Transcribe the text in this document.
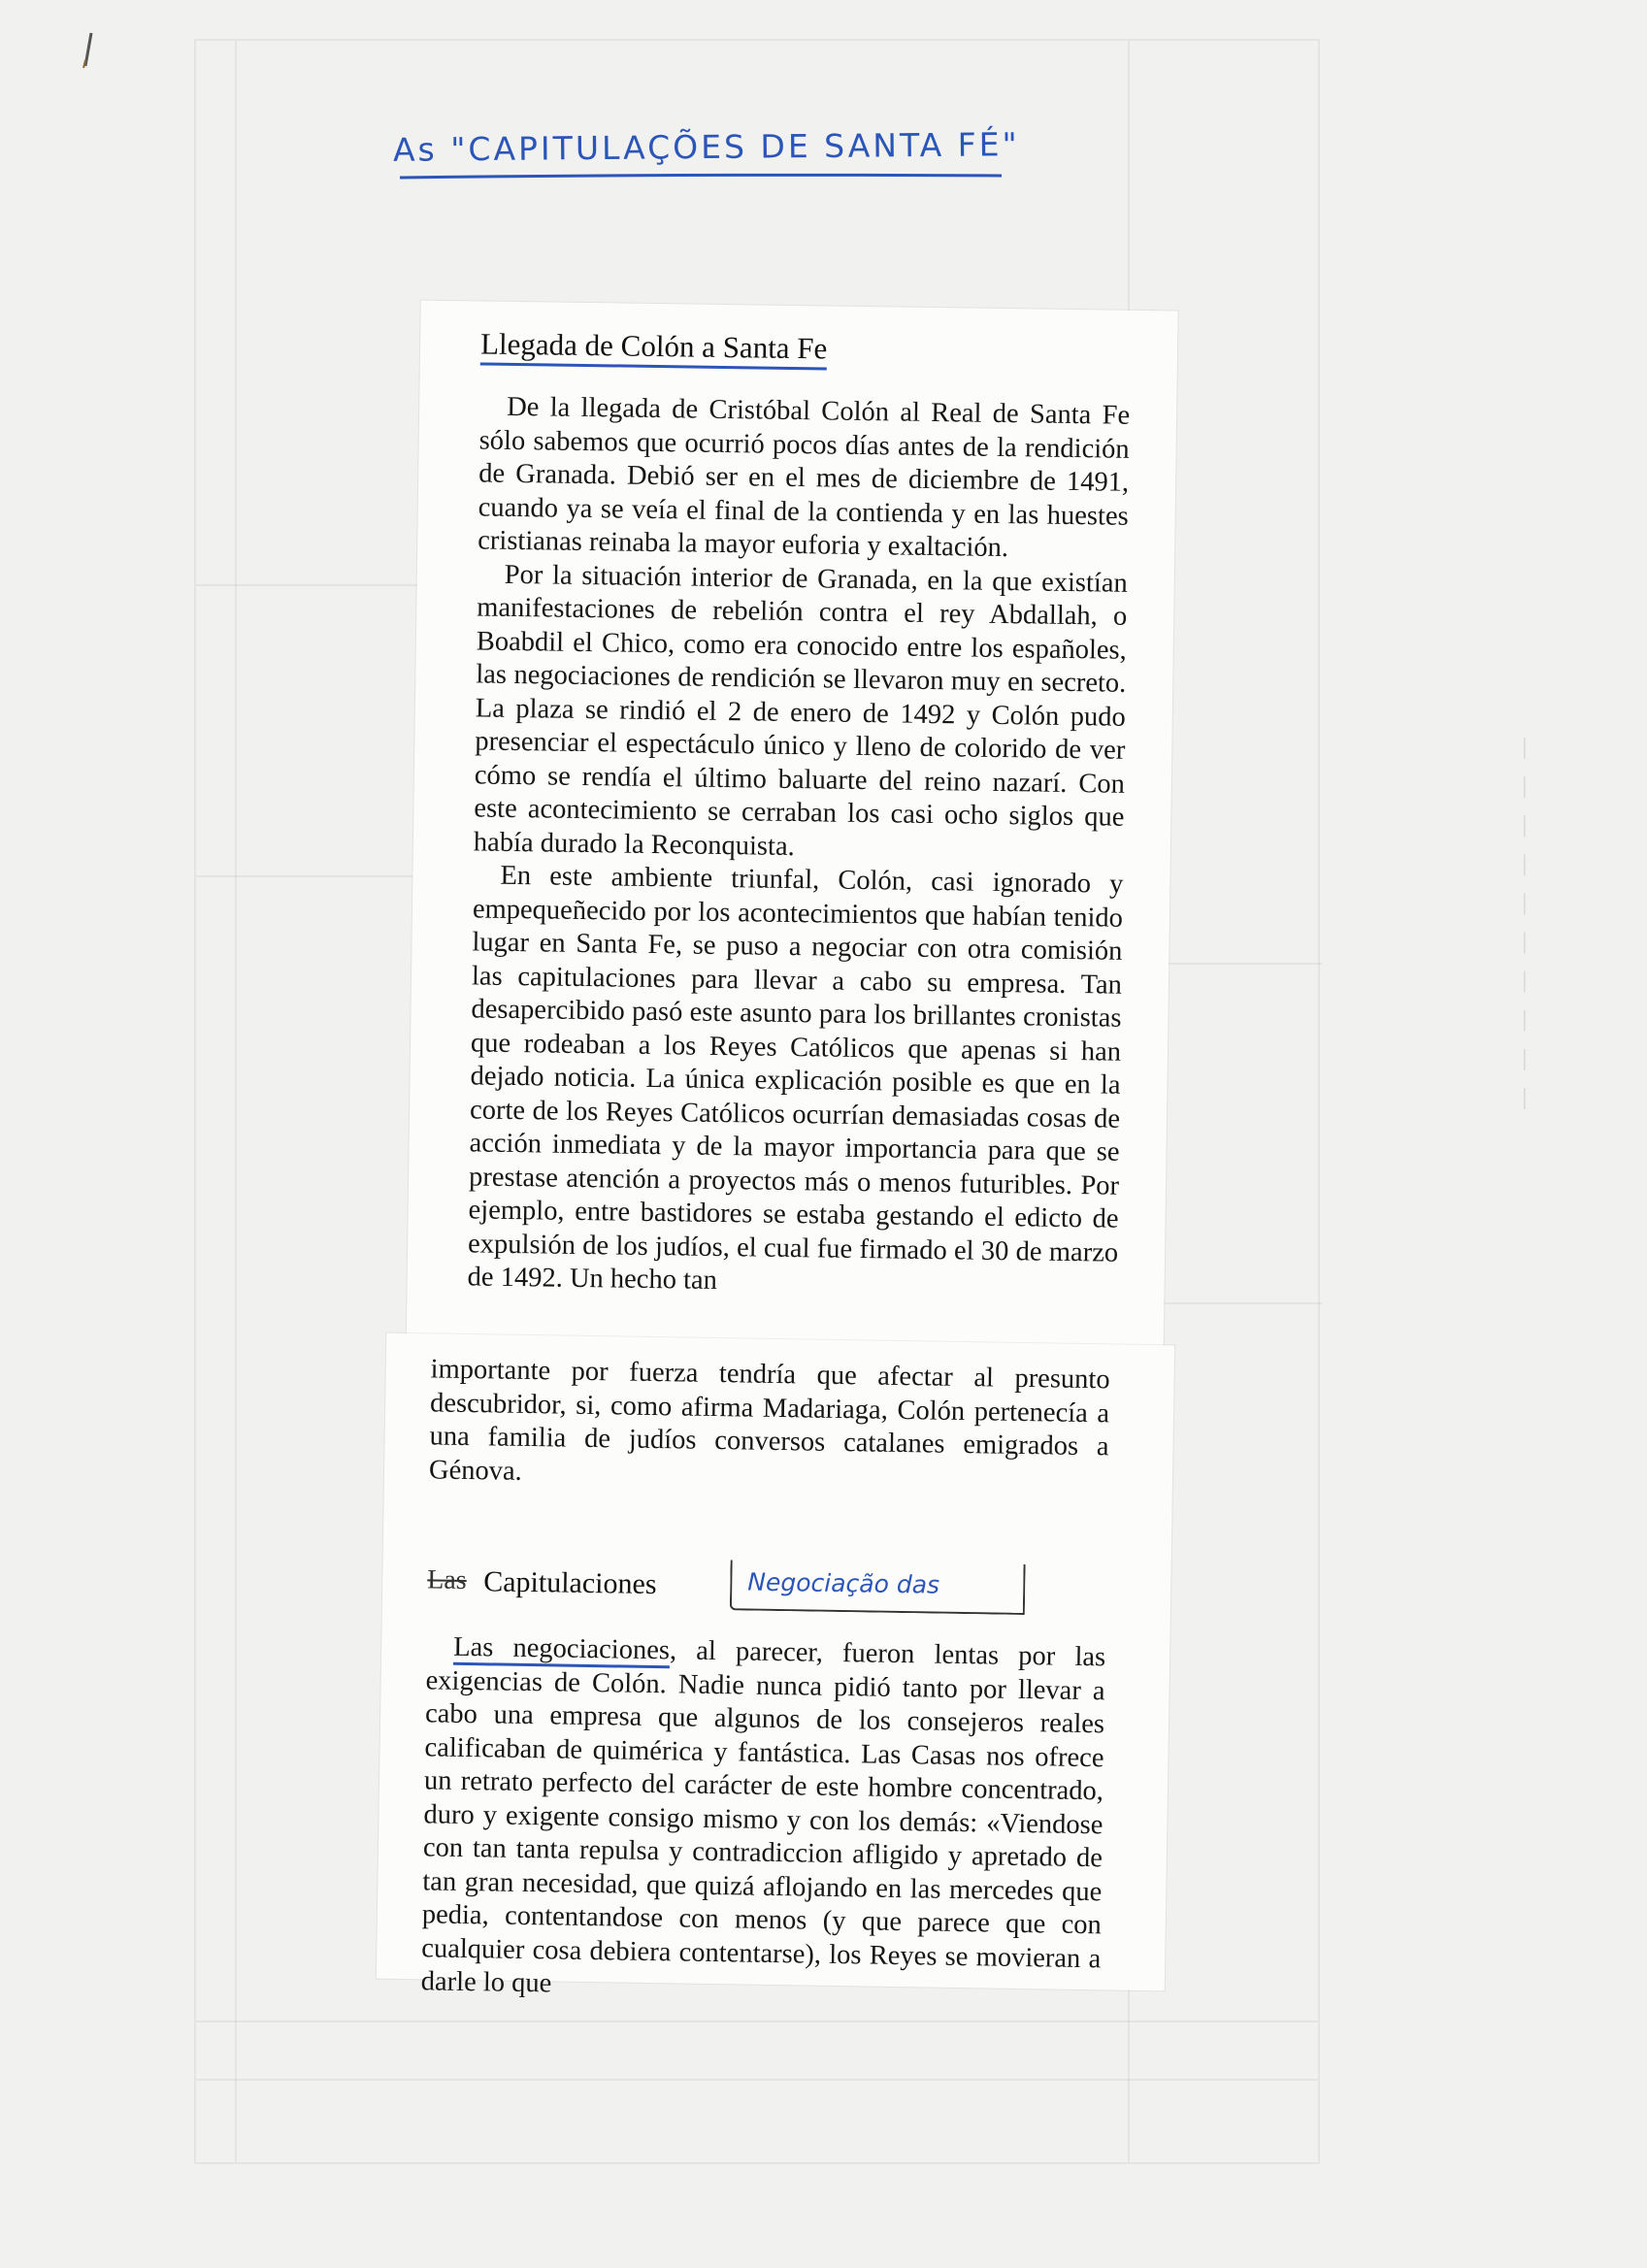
— — — — — — — — — —
As "CAPITULAÇÕES DE SANTA FÉ"
Llegada de Colón a Santa Fe

De la llegada de Cristóbal Colón al Real de Santa Fe sólo sabemos que ocurrió pocos días antes de la rendición de Granada. Debió ser en el mes de diciembre de 1491, cuando ya se veía el final de la contienda y en las huestes cristianas reinaba la mayor euforia y exaltación.

Por la situación interior de Granada, en la que existían manifestaciones de rebelión contra el rey Abdallah, o Boabdil el Chico, como era conocido entre los españoles, las negociaciones de rendición se llevaron muy en secreto. La plaza se rindió el 2 de enero de 1492 y Colón pudo presenciar el espectáculo único y lleno de colorido de ver cómo se rendía el último baluarte del reino nazarí. Con este acontecimiento se cerraban los casi ocho siglos que había durado la Reconquista.

En este ambiente triunfal, Colón, casi ignorado y empequeñecido por los acontecimientos que habían tenido lugar en Santa Fe, se puso a negociar con otra comisión las capitulaciones para llevar a cabo su empresa. Tan desapercibido pasó este asunto para los brillantes cronistas que rodeaban a los Reyes Católicos que apenas si han dejado noticia. La única explicación posible es que en la corte de los Reyes Católicos ocurrían demasiadas cosas de acción inmediata y de la mayor importancia para que se prestase atención a proyectos más o menos futuribles. Por ejemplo, entre bastidores se estaba gestando el edicto de expulsión de los judíos, el cual fue firmado el 30 de marzo de 1492. Un hecho tan

importante por fuerza tendría que afectar al presunto descubridor, si, como afirma Madariaga, Colón pertenecía a una familia de judíos conversos catalanes emigrados a Génova.

Las Capitulaciones	Negociação das

Las negociaciones, al parecer, fueron lentas por las exigencias de Colón. Nadie nunca pidió tanto por llevar a cabo una empresa que algunos de los consejeros reales calificaban de quimérica y fantástica. Las Casas nos ofrece un retrato perfecto del carácter de este hombre concentrado, duro y exigente consigo mismo y con los demás: «Viendose con tan tanta repulsa y contradiccion afligido y apretado de tan gran necesidad, que quizá aflojando en las mercedes que pedia, contentandose con menos (y que parece que con cualquier cosa debiera contentarse), los Reyes se movieran a darle lo que
